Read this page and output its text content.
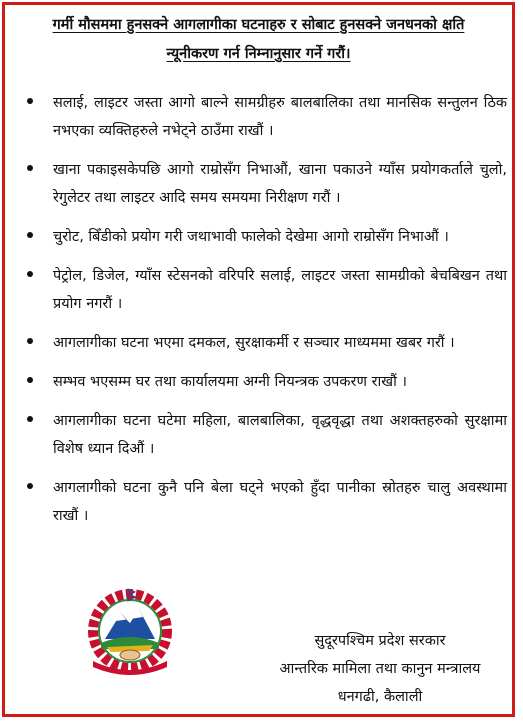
गर्मी मौसममा हुनसक्ने आगलागीका घटनाहरु र सोबाट हुनसक्ने जनधनको क्षति
न्यूनीकरण गर्न निम्नानुसार गर्ने गरौं।
सलाई, लाइटर जस्ता आगो बाल्ने सामग्रीहरु बालबालिका तथा मानसिक सन्तुलन ठिक नभएका व्यक्तिहरुले नभेट्ने ठाउँमा राखौं ।
खाना पकाइसकेपछि आगो राम्रोसँग निभाऔं, खाना पकाउने ग्याँस प्रयोगकर्ताले चुलो, रेगुलेटर तथा लाइटर आदि समय समयमा निरीक्षण गरौं ।
चुरोट, बिँडीको प्रयोग गरी जथाभावी फालेको देखेमा आगो राम्रोसँग निभाऔं ।
पेट्रोल, डिजेल, ग्याँस स्टेसनको वरिपरि सलाई, लाइटर जस्ता सामग्रीको बेचबिखन तथा प्रयोग नगरौं ।
आगलागीका घटना भएमा दमकल, सुरक्षाकर्मी र सञ्चार माध्यममा खबर गरौं ।
सम्भव भएसम्म घर तथा कार्यालयमा अग्नी नियन्त्रक उपकरण राखौं ।
आगलागीका घटना घटेमा महिला, बालबालिका, वृद्धवृद्धा तथा अशक्तहरुको सुरक्षामा विशेष ध्यान दिऔं ।
आगलागीको घटना कुनै पनि बेला घट्ने भएको हुँदा पानीका स्रोतहरु चालु अवस्थामा राखौं ।
सुदूरपश्चिम प्रदेश सरकार
आन्तरिक मामिला तथा कानुन मन्त्रालय
धनगढी, कैलाली
